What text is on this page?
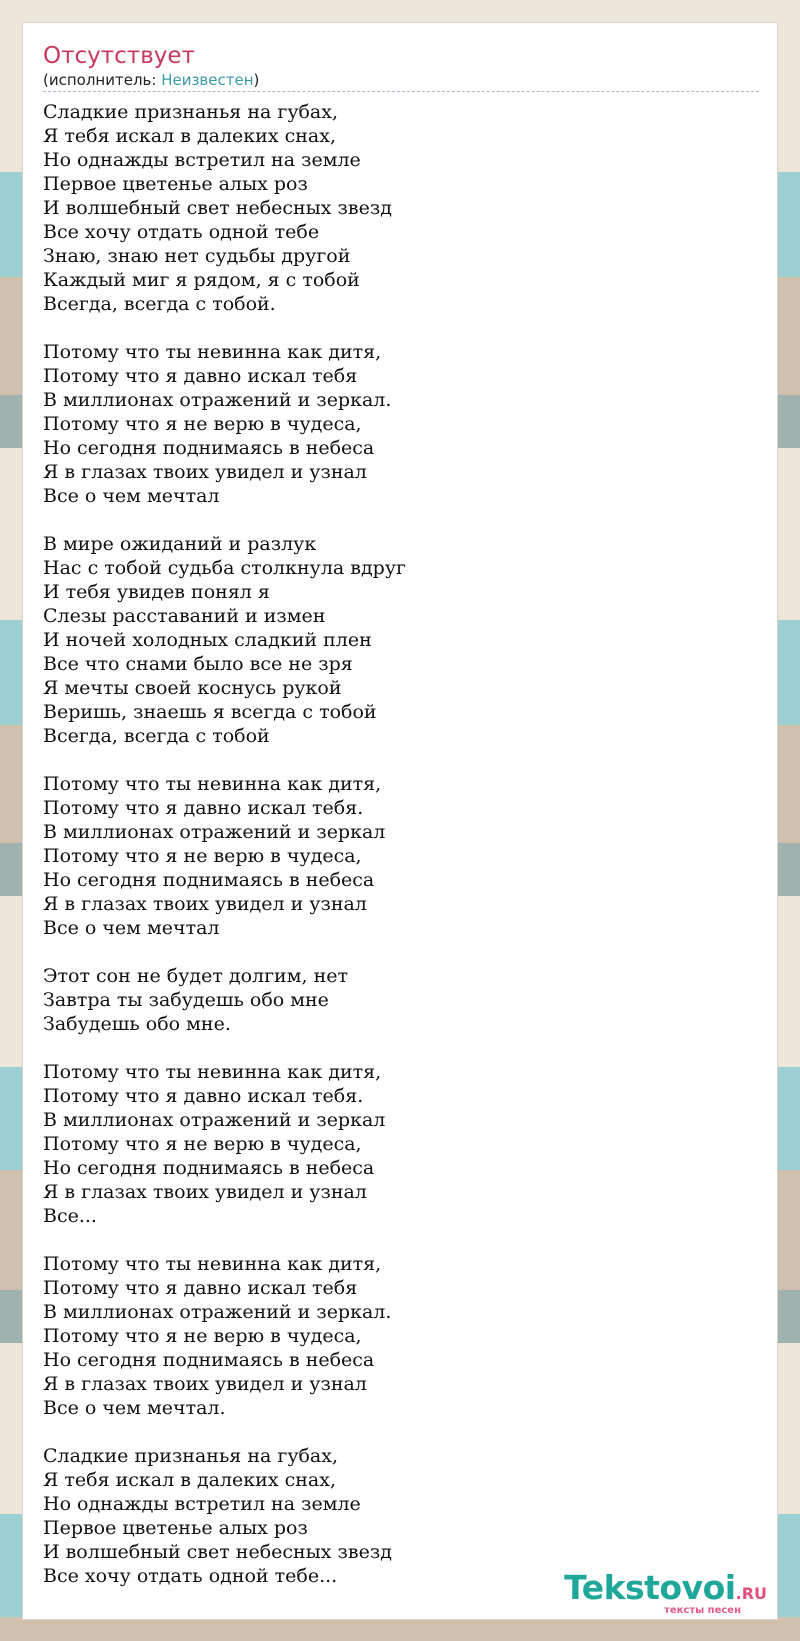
Отсутствует
(исполнитель: Неизвестен)
Сладкие признанья на губах,
Я тебя искал в далеких снах,
Но однажды встретил на земле
Первое цветенье алых роз
И волшебный свет небесных звезд
Все хочу отдать одной тебе
Знаю, знаю нет судьбы другой
Каждый миг я рядом, я с тобой
Всегда, всегда с тобой.
Потому что ты невинна как дитя,
Потому что я давно искал тебя
В миллионах отражений и зеркал.
Потому что я не верю в чудеса,
Но сегодня поднимаясь в небеса
Я в глазах твоих увидел и узнал
Все о чем мечтал
В мире ожиданий и разлук
Нас с тобой судьба столкнула вдруг
И тебя увидев понял я
Слезы расставаний и измен
И ночей холодных сладкий плен
Все что снами было все не зря
Я мечты своей коснусь рукой
Веришь, знаешь я всегда с тобой
Всегда, всегда с тобой
Потому что ты невинна как дитя,
Потому что я давно искал тебя.
В миллионах отражений и зеркал
Потому что я не верю в чудеса,
Но сегодня поднимаясь в небеса
Я в глазах твоих увидел и узнал
Все о чем мечтал
Этот сон не будет долгим, нет
Завтра ты забудешь обо мне
Забудешь обо мне.
Потому что ты невинна как дитя,
Потому что я давно искал тебя.
В миллионах отражений и зеркал
Потому что я не верю в чудеса,
Но сегодня поднимаясь в небеса
Я в глазах твоих увидел и узнал
Все...
Потому что ты невинна как дитя,
Потому что я давно искал тебя
В миллионах отражений и зеркал.
Потому что я не верю в чудеса,
Но сегодня поднимаясь в небеса
Я в глазах твоих увидел и узнал
Все о чем мечтал.
Сладкие признанья на губах,
Я тебя искал в далеких снах,
Но однажды встретил на земле
Первое цветенье алых роз
И волшебный свет небесных звезд
Все хочу отдать одной тебе...	Tekstovoi.RU
тексты песен
